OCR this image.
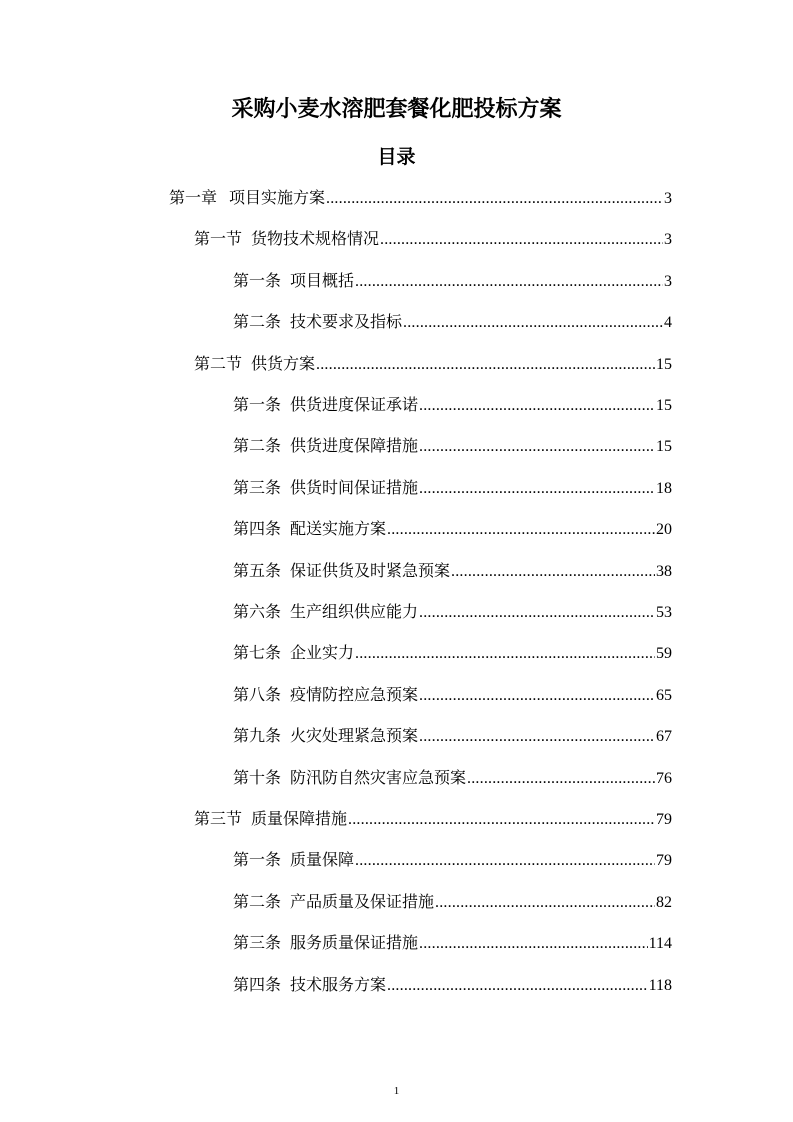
采购小麦水溶肥套餐化肥投标方案
目录
第一章 项目实施方案 .....	3
第一节 货物技术规格情况 .....	3
第一条 项目概括 .....	3
第二条 技术要求及指标 .....	4
第二节 供货方案 .....	15
第一条 供货进度保证承诺 .....	15
第二条 供货进度保障措施 .....	15
第三条 供货时间保证措施 .....	18
第四条 配送实施方案 .....	20
第五条 保证供货及时紧急预案 .....	38
第六条 生产组织供应能力 .....	53
第七条 企业实力 .....	59
第八条 疫情防控应急预案 .....	65
第九条 火灾处理紧急预案 .....	67
第十条 防汛防自然灾害应急预案 .....	76
第三节 质量保障措施 .....	79
第一条 质量保障 .....	79
第二条 产品质量及保证措施 .....	82
第三条 服务质量保证措施 .....	114
第四条 技术服务方案 .....	118
1
